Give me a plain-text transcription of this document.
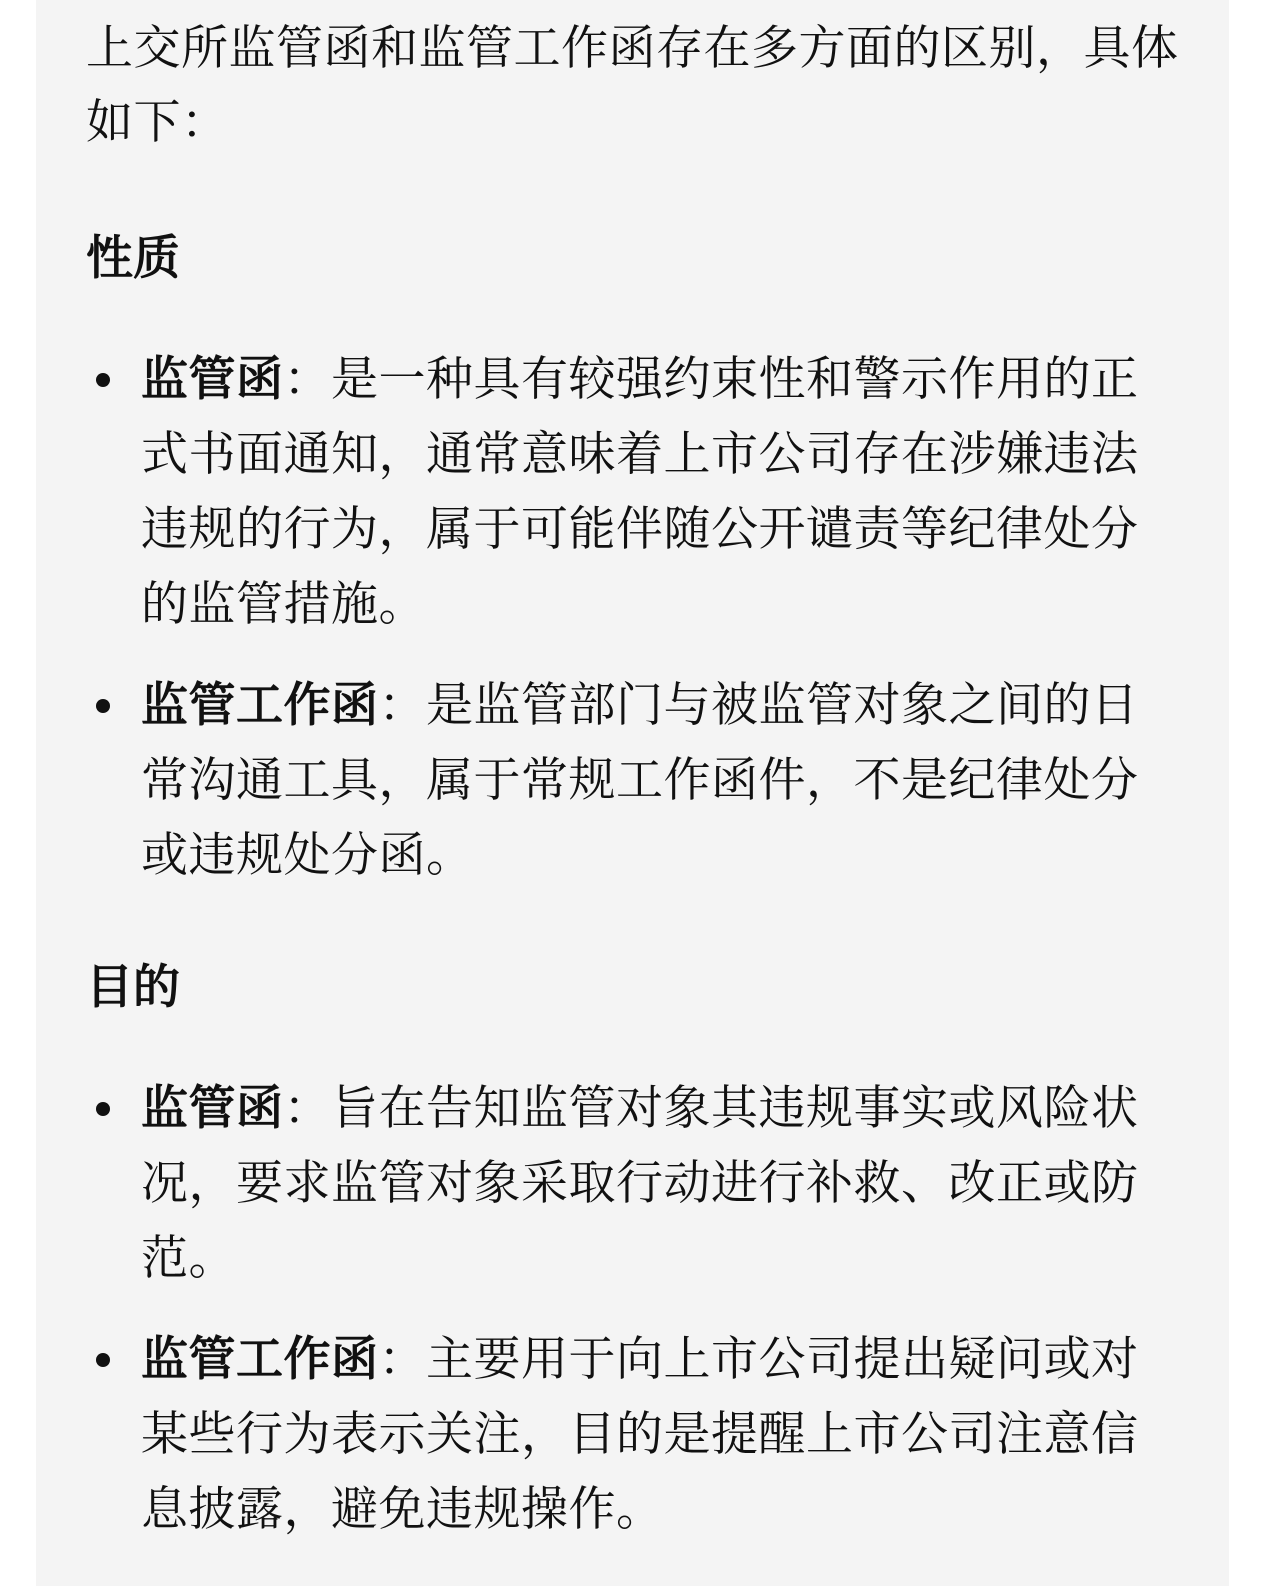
上交所监管函和监管工作函存在多方面的区别，具体如下：

性质
监管函：是一种具有较强约束性和警示作用的正式书面通知，通常意味着上市公司存在涉嫌违法违规的行为，属于可能伴随公开谴责等纪律处分的监管措施。
监管工作函：是监管部门与被监管对象之间的日常沟通工具，属于常规工作函件，不是纪律处分或违规处分函。
目的
监管函：旨在告知监管对象其违规事实或风险状况，要求监管对象采取行动进行补救、改正或防范。
监管工作函：主要用于向上市公司提出疑问或对某些行为表示关注，目的是提醒上市公司注意信息披露，避免违规操作。
